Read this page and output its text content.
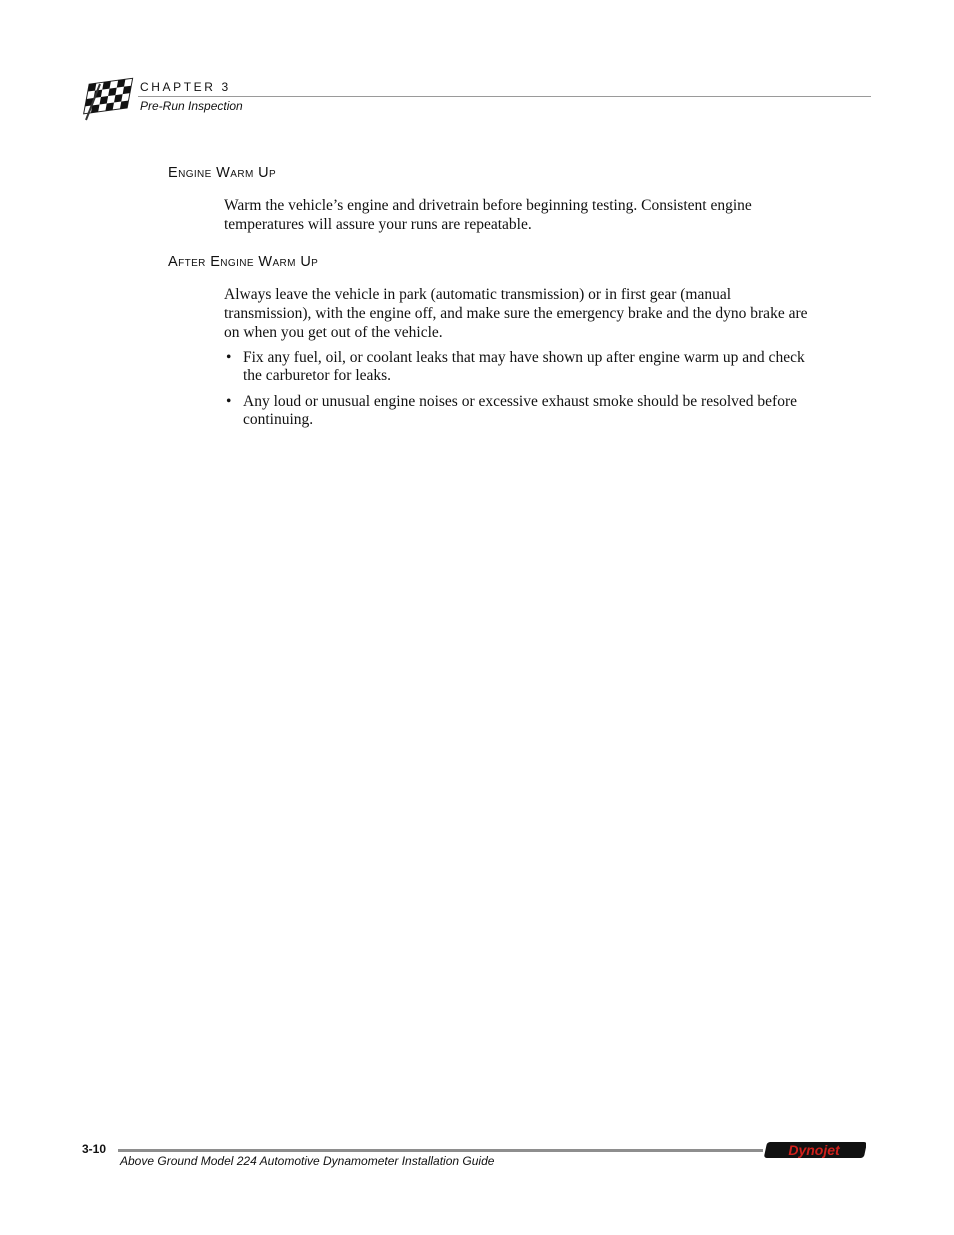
CHAPTER 3
Pre-Run Inspection
Engine Warm Up

Warm the vehicle’s engine and drivetrain before beginning testing. Consistent engine temperatures will assure your runs are repeatable.

After Engine Warm Up

Always leave the vehicle in park (automatic transmission) or in first gear (manual transmission), with the engine off, and make sure the emergency brake and the dyno brake are on when you get out of the vehicle.

• Fix any fuel, oil, or coolant leaks that may have shown up after engine warm up and check the carburetor for leaks.
• Any loud or unusual engine noises or excessive exhaust smoke should be resolved before continuing.
3-10
Above Ground Model 224 Automotive Dynamometer Installation Guide
Dynojet
